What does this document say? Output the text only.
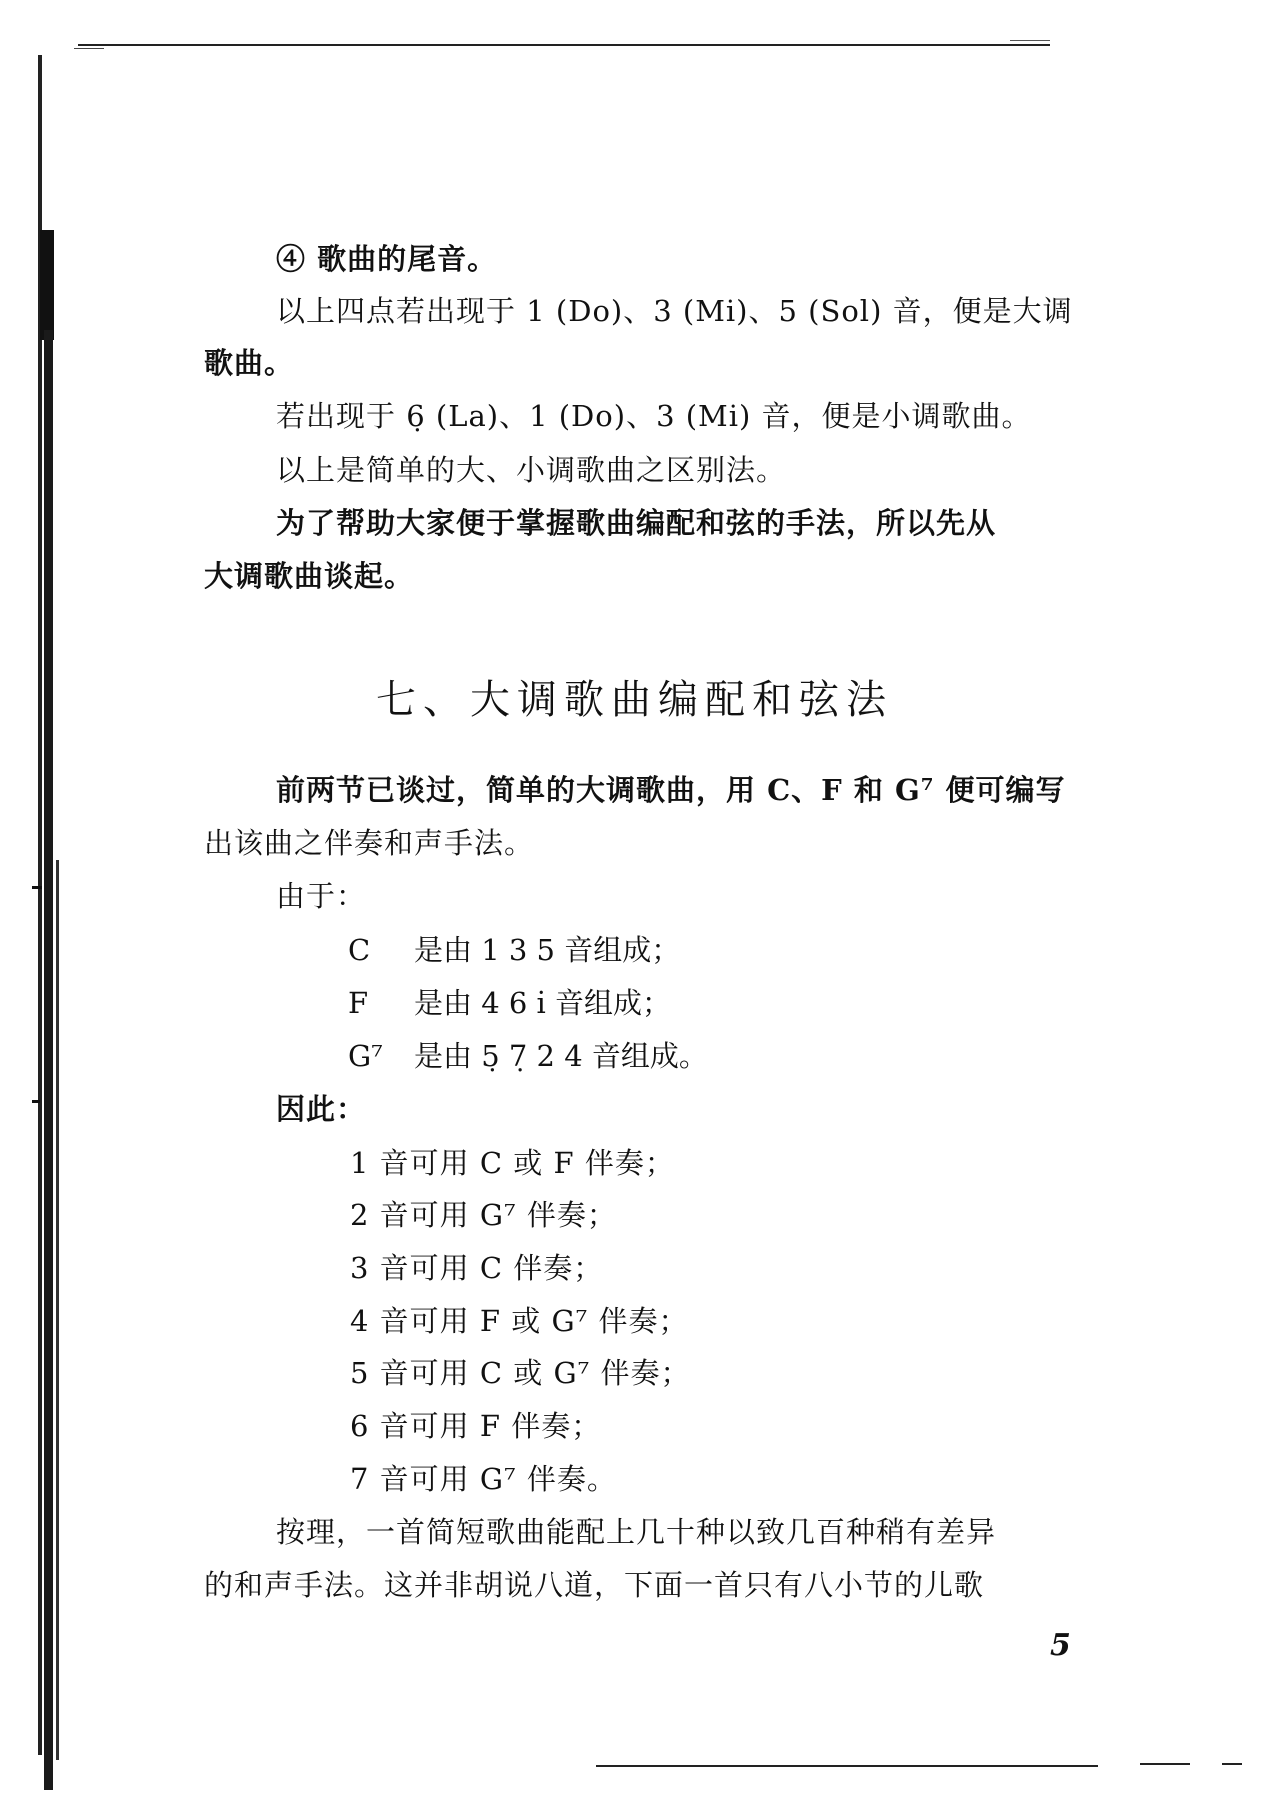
④ 歌曲的尾音。
以上四点若出现于 1 (Do)、3 (Mi)、5 (Sol) 音，便是大调
歌曲。
若出现于 6̣ (La)、1 (Do)、3 (Mi) 音，便是小调歌曲。
以上是简单的大、小调歌曲之区别法。
为了帮助大家便于掌握歌曲编配和弦的手法，所以先从
大调歌曲谈起。
七、大调歌曲编配和弦法
前两节已谈过，简单的大调歌曲，用 C、F 和 G⁷ 便可编写
出该曲之伴奏和声手法。
由于：
C 是由 1 3 5 音组成；
F 是由 4 6 i̇ 音组成；
G⁷ 是由 5̣ 7̣ 2 4 音组成。
因此：
1 音可用 C 或 F 伴奏；
2 音可用 G⁷ 伴奏；
3 音可用 C 伴奏；
4 音可用 F 或 G⁷ 伴奏；
5 音可用 C 或 G⁷ 伴奏；
6 音可用 F 伴奏；
7 音可用 G⁷ 伴奏。
按理，一首简短歌曲能配上几十种以致几百种稍有差异
的和声手法。这并非胡说八道，下面一首只有八小节的儿歌
5
